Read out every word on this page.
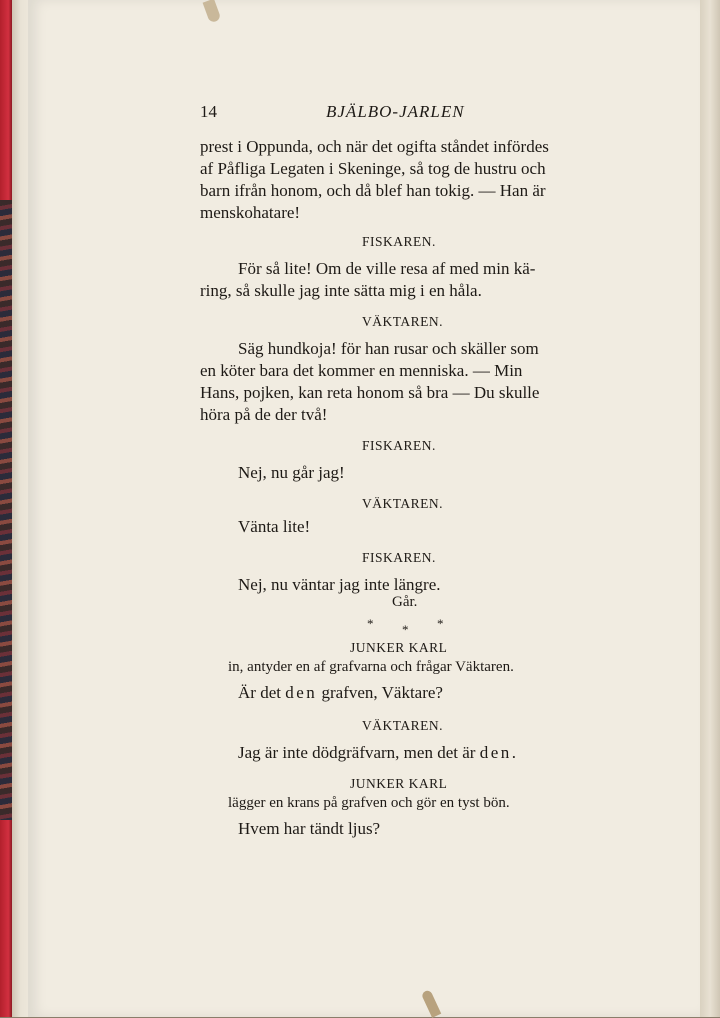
14	BJÄLBO-JARLEN
prest i Oppunda, och när det ogifta ståndet infördes
af Påfliga Legaten i Skeninge, så tog de hustru och
barn ifrån honom, och då blef han tokig. — Han är
menskohatare!
FISKAREN.
För så lite! Om de ville resa af med min kä-
ring, så skulle jag inte sätta mig i en håla.
VÄKTAREN.
Säg hundkoja! för han rusar och skäller som
en köter bara det kommer en menniska. — Min
Hans, pojken, kan reta honom så bra — Du skulle
höra på de der två!
FISKAREN.
Nej, nu går jag!
VÄKTAREN.
Vänta lite!
FISKAREN.
Nej, nu väntar jag inte längre.
Går.
* * *
JUNKER KARL
in, antyder en af grafvarna och frågar Väktaren.
Är det den grafven, Väktare?
VÄKTAREN.
Jag är inte dödgräfvarn, men det är den.
JUNKER KARL
lägger en krans på grafven och gör en tyst bön.
Hvem har tändt ljus?
